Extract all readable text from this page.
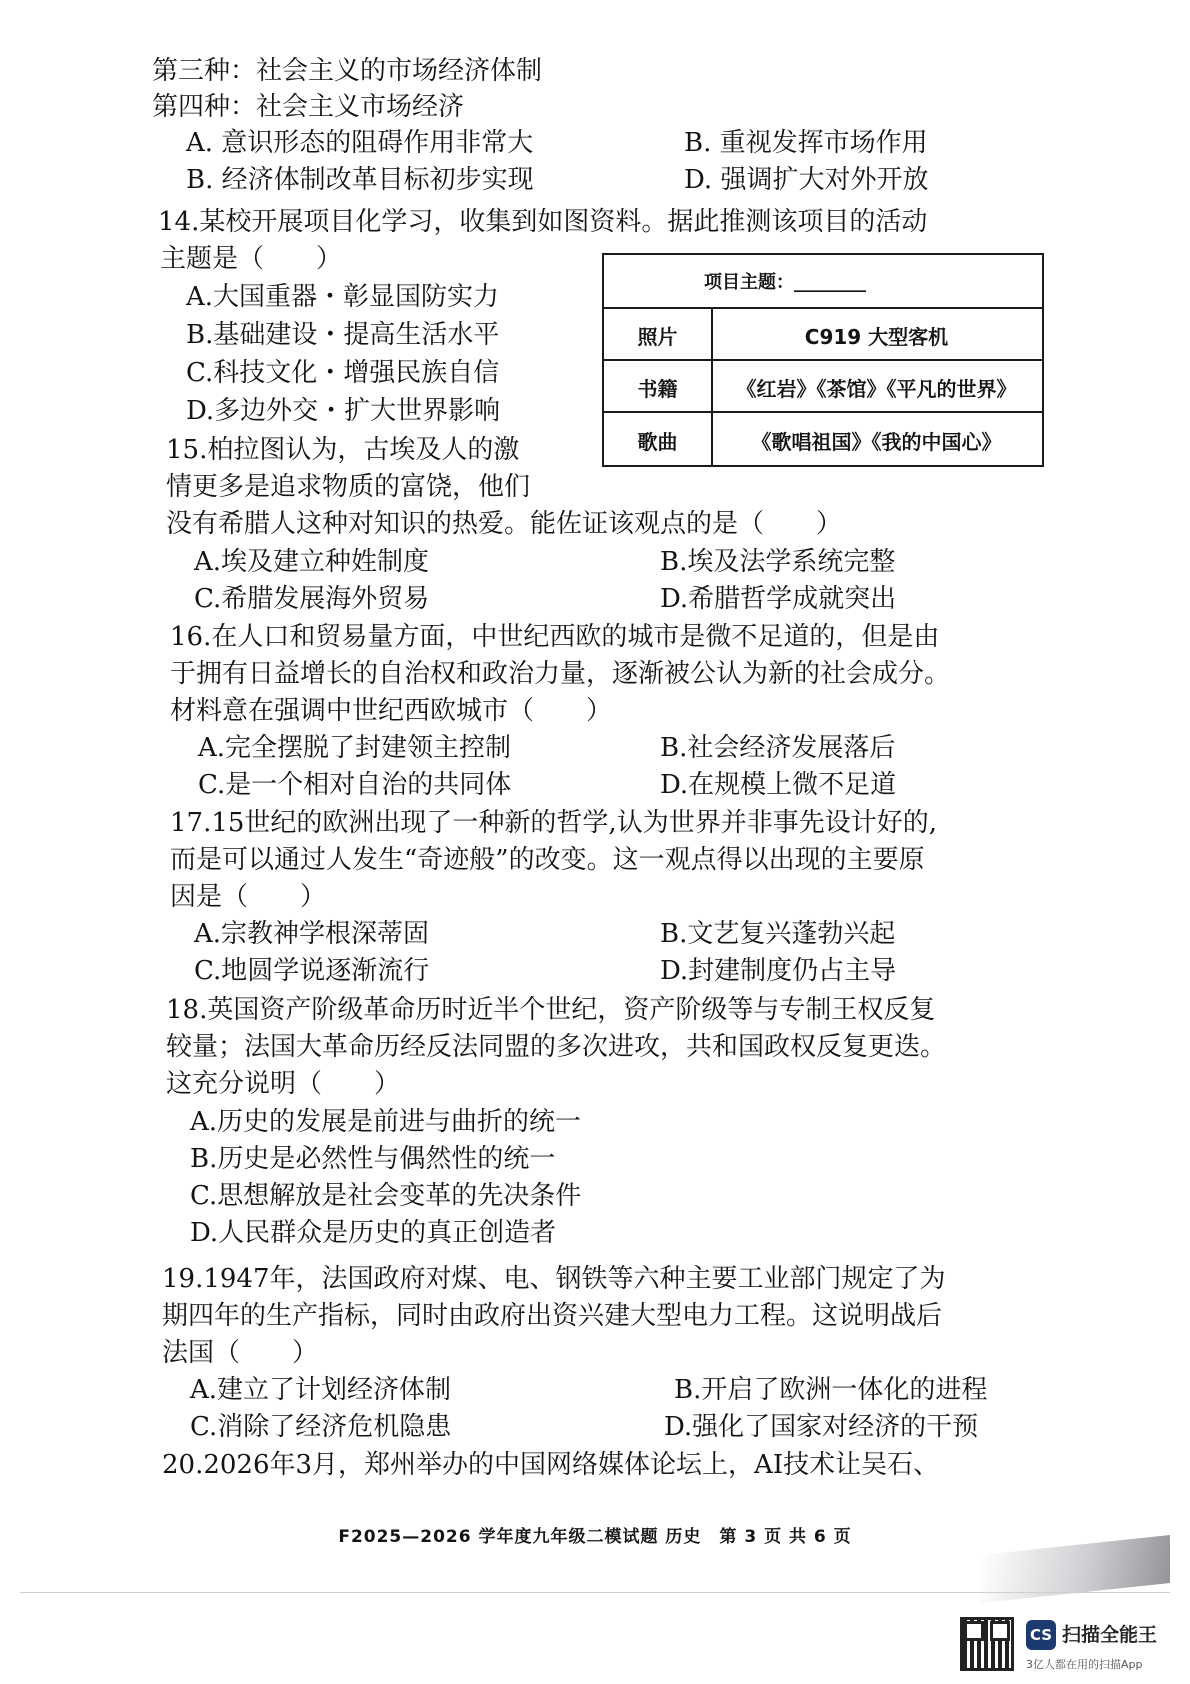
第三种：社会主义的市场经济体制
第四种：社会主义市场经济
A. 意识形态的阻碍作用非常大	B. 重视发挥市场作用
B. 经济体制改革目标初步实现	D. 强调扩大对外开放
14.某校开展项目化学习，收集到如图资料。据此推测该项目的活动
主题是（　　）
A.大国重器・彰显国防实力
B.基础建设・提高生活水平
C.科技文化・增强民族自信
D.多边外交・扩大世界影响
项目主题：________
照片	C919 大型客机
书籍	《红岩》《茶馆》《平凡的世界》
歌曲	《歌唱祖国》《我的中国心》
15.柏拉图认为，古埃及人的激
情更多是追求物质的富饶，他们
没有希腊人这种对知识的热爱。能佐证该观点的是（　　）
A.埃及建立种姓制度	B.埃及法学系统完整
C.希腊发展海外贸易	D.希腊哲学成就突出
16.在人口和贸易量方面，中世纪西欧的城市是微不足道的，但是由
于拥有日益增长的自治权和政治力量，逐渐被公认为新的社会成分。
材料意在强调中世纪西欧城市（　　）
A.完全摆脱了封建领主控制	B.社会经济发展落后
C.是一个相对自治的共同体	D.在规模上微不足道
17.15世纪的欧洲出现了一种新的哲学,认为世界并非事先设计好的,
而是可以通过人发生“奇迹般”的改变。这一观点得以出现的主要原
因是（　　）
A.宗教神学根深蒂固	B.文艺复兴蓬勃兴起
C.地圆学说逐渐流行	D.封建制度仍占主导
18.英国资产阶级革命历时近半个世纪，资产阶级等与专制王权反复
较量；法国大革命历经反法同盟的多次进攻，共和国政权反复更迭。
这充分说明（　　）
A.历史的发展是前进与曲折的统一
B.历史是必然性与偶然性的统一
C.思想解放是社会变革的先决条件
D.人民群众是历史的真正创造者
19.1947年，法国政府对煤、电、钢铁等六种主要工业部门规定了为
期四年的生产指标，同时由政府出资兴建大型电力工程。这说明战后
法国（　　）
A.建立了计划经济体制	B.开启了欧洲一体化的进程
C.消除了经济危机隐患	D.强化了国家对经济的干预
20.2026年3月，郑州举办的中国网络媒体论坛上，AI技术让吴石、
F2025—2026 学年度九年级二模试题 历史　第 3 页 共 6 页
CS 扫描全能王
3亿人都在用的扫描App
